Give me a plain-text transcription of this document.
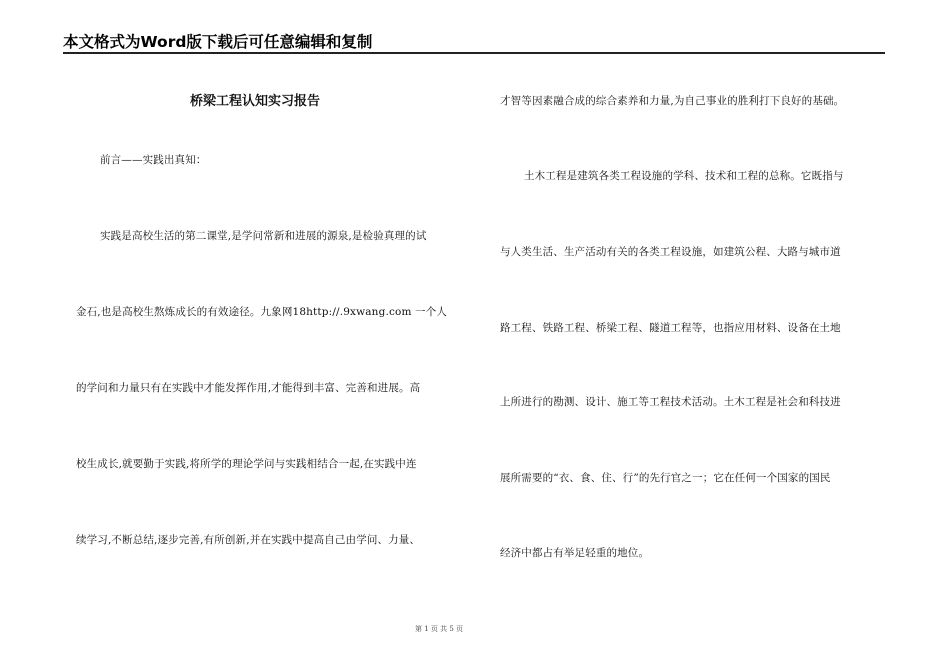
本文格式为Word版下载后可任意编辑和复制
桥梁工程认知实习报告
前言——实践出真知：
实践是高校生活的第二课堂,是学问常新和进展的源泉,是检验真理的试
金石,也是高校生熬炼成长的有效途径。九象网18http://.9xwang.com 一个人
的学问和力量只有在实践中才能发挥作用,才能得到丰富、完善和进展。高
校生成长,就要勤于实践,将所学的理论学问与实践相结合一起,在实践中连
续学习,不断总结,逐步完善,有所创新,并在实践中提高自己由学问、力量、
才智等因素融合成的综合素养和力量,为自己事业的胜利打下良好的基础。
土木工程是建筑各类工程设施的学科、技术和工程的总称。它既指与
与人类生活、生产活动有关的各类工程设施，如建筑公程、大路与城市道
路工程、铁路工程、桥梁工程、隧道工程等，也指应用材料、设备在土地
上所进行的勘测、设计、施工等工程技术活动。土木工程是社会和科技进
展所需要的“衣、食、住、行”的先行官之一；它在任何一个国家的国民
经济中都占有举足轻重的地位。
第 1 页 共 5 页
